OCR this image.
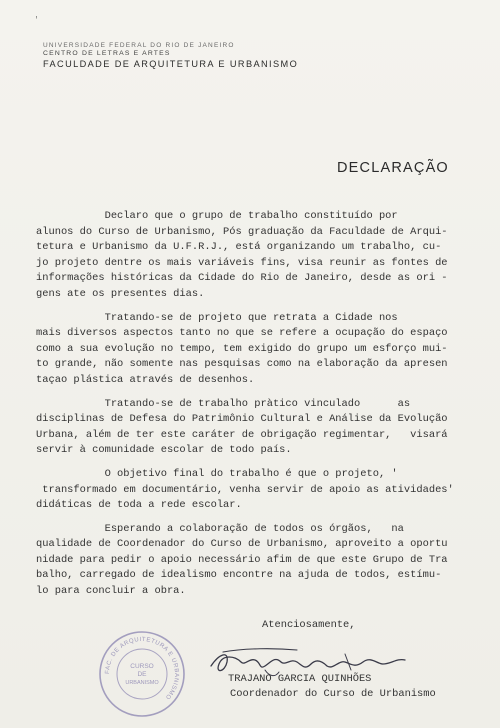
'
UNIVERSIDADE FEDERAL DO RIO DE JANEIRO
CENTRO DE LETRAS E ARTES
FACULDADE DE ARQUITETURA E URBANISMO
DECLARAÇÃO
Declaro que o grupo de trabalho constituído por
alunos do Curso de Urbanismo, Pós graduação da Faculdade de Arqui-
tetura e Urbanismo da U.F.R.J., está organizando um trabalho, cu-
jo projeto dentre os mais variáveis fins, visa reunir as fontes de
informações históricas da Cidade do Rio de Janeiro, desde as ori -
gens ate os presentes dias.
Tratando-se de projeto que retrata a Cidade nos
mais diversos aspectos tanto no que se refere a ocupação do espaço
como a sua evolução no tempo, tem exigido do grupo um esforço mui-
to grande, não somente nas pesquisas como na elaboração da apresen
taçao plástica através de desenhos.
Tratando-se de trabalho pràtico vinculado      as
disciplinas de Defesa do Patrimônio Cultural e Análise da Evolução
Urbana, além de ter este caráter de obrigação regimentar,   visará
servir à comunidade escolar de todo país.
O objetivo final do trabalho é que o projeto, '
transformado em documentário, venha servir de apoio as atividades'
didáticas de toda a rede escolar.
Esperando a colaboração de todos os órgãos,   na
qualidade de Coordenador do Curso de Urbanismo, aproveito a oportu
nidade para pedir o apoio necessário afim de que este Grupo de Tra
balho, carregado de idealismo encontre na ajuda de todos, estímu-
lo para concluir a obra.
Atenciosamente,
TRAJANO GARCIA QUINHÕES
Coordenador do Curso de Urbanismo
FAC. DE ARQUITETURA E URBANISMO
CURSO
DE
URBANISMO
